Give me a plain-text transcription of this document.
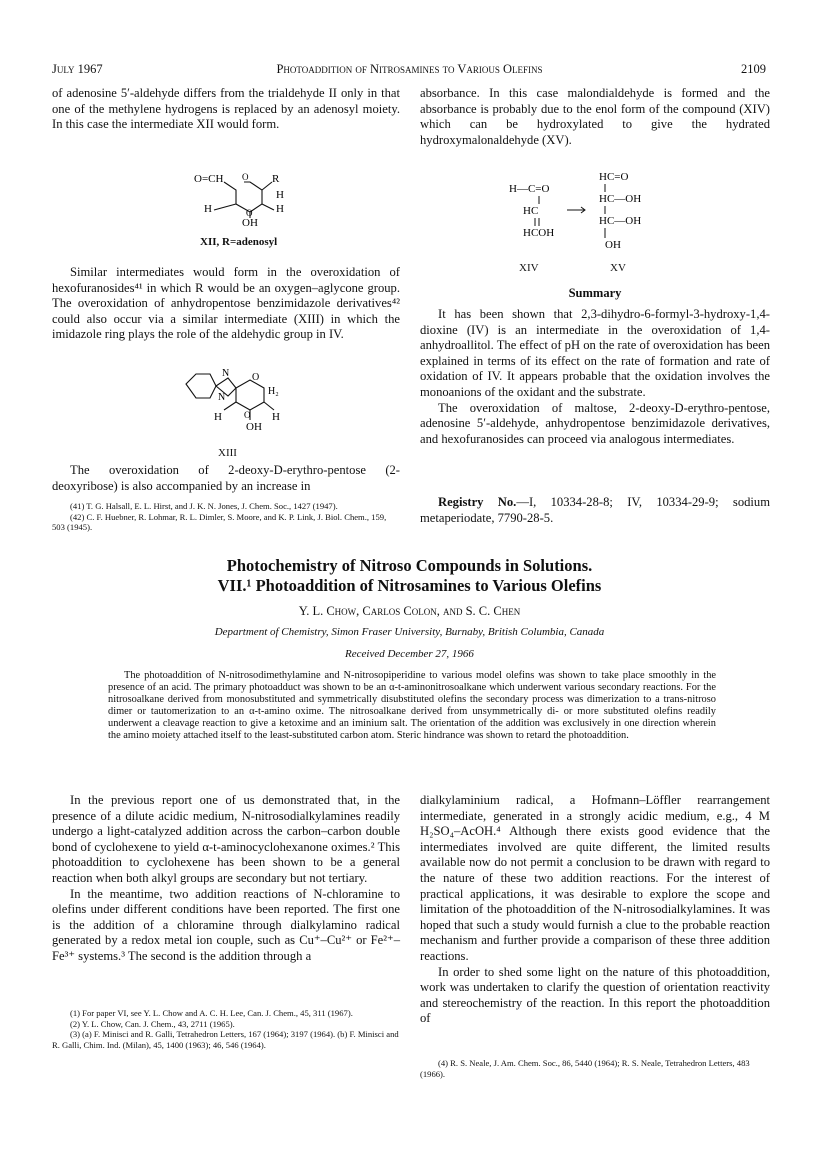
July 1967	Photoaddition of Nitrosamines to Various Olefins	2109

of adenosine 5′-aldehyde differs from the trialdehyde II only in that one of the methylene hydrogens is replaced by an adenosyl moiety. In this case the intermediate XII would form.

O=CH	R
H
H	H
OH
O
O
XII, R=adenosyl

Similar intermediates would form in the overoxidation of hexofuranosides⁴¹ in which R would be an oxygen–aglycone group. The overoxidation of anhydropentose benzimidazole derivatives⁴² could also occur via a similar intermediate (XIII) in which the imidazole ring plays the role of the aldehydic group in IV.

N
N
O
H₂
H	H
O
OH
XIII

The overoxidation of 2-deoxy-D-erythro-pentose (2-deoxyribose) is also accompanied by an increase in

(41) T. G. Halsall, E. L. Hirst, and J. K. N. Jones, J. Chem. Soc., 1427 (1947).

(42) C. F. Huebner, R. Lohmar, R. L. Dimler, S. Moore, and K. P. Link, J. Biol. Chem., 159, 503 (1945).

absorbance. In this case malondialdehyde is formed and the absorbance is probably due to the enol form of the compound (XIV) which can be hydroxylated to give the hydrated hydroxymalonaldehyde (XV).

H—C=O
HC
HCOH
HC=O
HC—OH
HC—OH
OH
XIV	XV
Summary

It has been shown that 2,3-dihydro-6-formyl-3-hydroxy-1,4-dioxine (IV) is an intermediate in the overoxidation of 1,4-anhydroallitol. The effect of pH on the rate of overoxidation has been explained in terms of its effect on the rate of formation and rate of oxidation of IV. It appears probable that the oxidation involves the monoanions of the oxidant and the substrate.

The overoxidation of maltose, 2-deoxy-D-erythro-pentose, adenosine 5′-aldehyde, anhydropentose benzimidazole derivatives, and hexofuranosides can proceed via analogous intermediates.

Registry No.—I, 10334-28-8; IV, 10334-29-9; sodium metaperiodate, 7790-28-5.

Photochemistry of Nitroso Compounds in Solutions.
VII.¹ Photoaddition of Nitrosamines to Various Olefins
Y. L. Chow, Carlos Colon, and S. C. Chen
Department of Chemistry, Simon Fraser University, Burnaby, British Columbia, Canada
Received December 27, 1966
The photoaddition of N-nitrosodimethylamine and N-nitrosopiperidine to various model olefins was shown to take place smoothly in the presence of an acid. The primary photoadduct was shown to be an α-t-aminonitrosoalkane which underwent various secondary reactions. For the nitrosoalkane derived from monosubstituted and symmetrically disubstituted olefins the secondary process was dimerization to a trans-nitroso dimer or tautomerization to an α-t-amino oxime. The nitrosoalkane derived from unsymmetrically di- or more substituted olefins readily underwent a cleavage reaction to give a ketoxime and an iminium salt. The orientation of the addition was exclusively in one direction wherein the amino moiety attached itself to the least-substituted carbon atom. Steric hindrance was shown to retard the photoaddition.

In the previous report one of us demonstrated that, in the presence of a dilute acidic medium, N-nitrosodialkylamines readily undergo a light-catalyzed addition across the carbon–carbon double bond of cyclohexene to yield α-t-aminocyclohexanone oximes.² This photoaddition to cyclohexene has been shown to be a general reaction when both alkyl groups are secondary but not tertiary.

In the meantime, two addition reactions of N-chloramine to olefins under different conditions have been reported. The first one is the addition of a chloramine through dialkylamino radical generated by a redox metal ion couple, such as Cu⁺–Cu²⁺ or Fe²⁺–Fe³⁺ systems.³ The second is the addition through a

(1) For paper VI, see Y. L. Chow and A. C. H. Lee, Can. J. Chem., 45, 311 (1967).

(2) Y. L. Chow, Can. J. Chem., 43, 2711 (1965).

(3) (a) F. Minisci and R. Galli, Tetrahedron Letters, 167 (1964); 3197 (1964). (b) F. Minisci and R. Galli, Chim. Ind. (Milan), 45, 1400 (1963); 46, 546 (1964).

dialkylaminium radical, a Hofmann–Löffler rearrangement intermediate, generated in a strongly acidic medium, e.g., 4 M H₂SO₄–AcOH.⁴ Although there exists good evidence that the intermediates involved are quite different, the limited results available now do not permit a conclusion to be drawn with regard to the nature of these two addition reactions. For the interest of practical applications, it was desirable to explore the scope and limitation of the photoaddition of the N-nitrosodialkylamines. It was hoped that such a study would furnish a clue to the probable reaction mechanism and further provide a comparison of these three addition reactions.

In order to shed some light on the nature of this photoaddition, work was undertaken to clarify the question of orientation reactivity and stereochemistry of the reaction. In this report the photoaddition of

(4) R. S. Neale, J. Am. Chem. Soc., 86, 5440 (1964); R. S. Neale, Tetrahedron Letters, 483 (1966).
